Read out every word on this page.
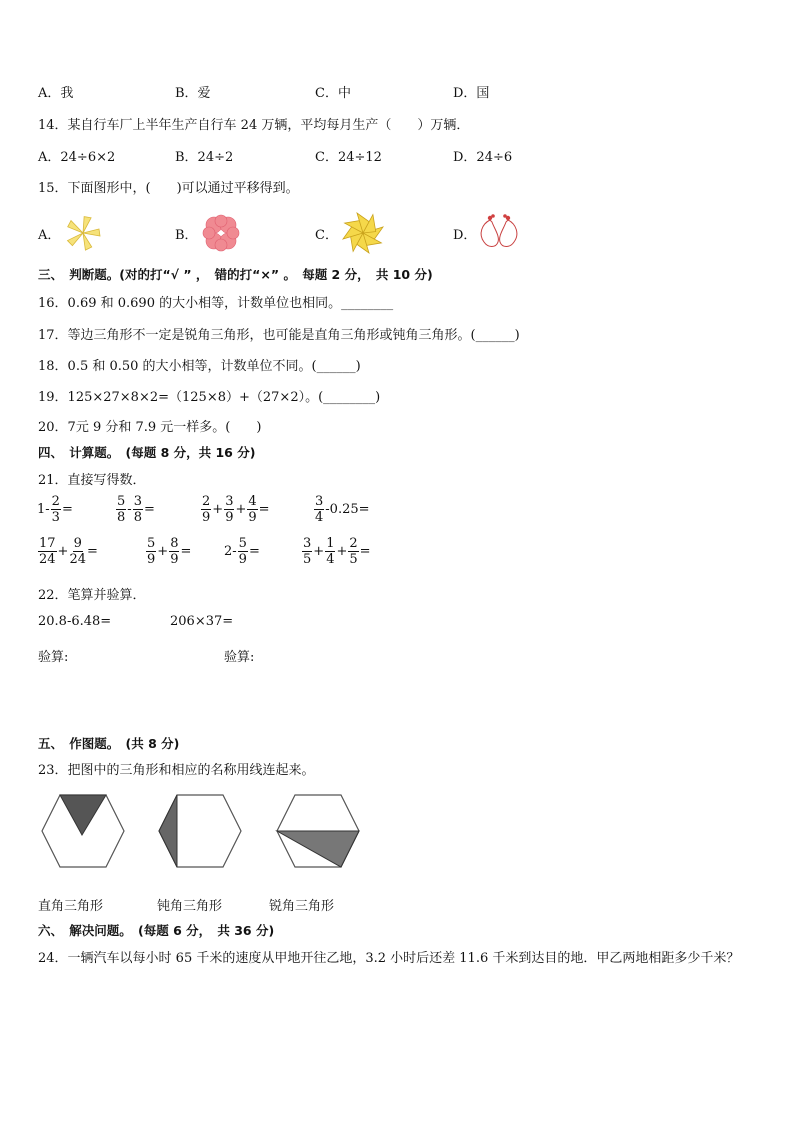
A．我	B．爱	C．中	D．国
14．某自行车厂上半年生产自行车 24 万辆，平均每月生产（　　）万辆．
A．24÷6×2	B．24÷2	C．24÷12	D．24÷6
15．下面图形中，(　　)可以通过平移得到。
A．	B．	C．	D．
三、　判断题。(对的打“√ ” ，　错的打“×” 。　每题 2 分，　共 10 分)
16．0.69 和 0.690 的大小相等，计数单位也相同。________
17．等边三角形不一定是锐角三角形，也可能是直角三角形或钝角三角形。(______)
18．0.5 和 0.50 的大小相等，计数单位不同。(______)
19．125×27×8×2=（125×8）+（27×2）。(________)
20．7元 9 分和 7.9 元一样多。(　　)
四、　计算题。　(每题 8 分，共 16 分)
21．直接写得数．
$1- \frac{2}{3}$ =	$\frac{5}{8} - \frac{3}{8}$ =	$\frac{2}{9} + \frac{3}{9} + \frac{4}{9}$ =	$\frac{3}{4} -0.25=$
$\frac{17}{24} + \frac{9}{24}$ =	$\frac{5}{9} + \frac{8}{9}$ =	$2- \frac{5}{9}$ =	$\frac{3}{5} + \frac{1}{4} + \frac{2}{5}$ =
22．笔算并验算．
20.8-6.48=	206×37=
验算:	验算:
五、　作图题。　(共 8 分)
23．把图中的三角形和相应的名称用线连起来。
直角三角形	钝角三角形	锐角三角形
六、　解决问题。　(每题 6 分，　共 36 分)
24．一辆汽车以每小时 65 千米的速度从甲地开往乙地，3.2 小时后还差 11.6 千米到达目的地．甲乙两地相距多少千米？
